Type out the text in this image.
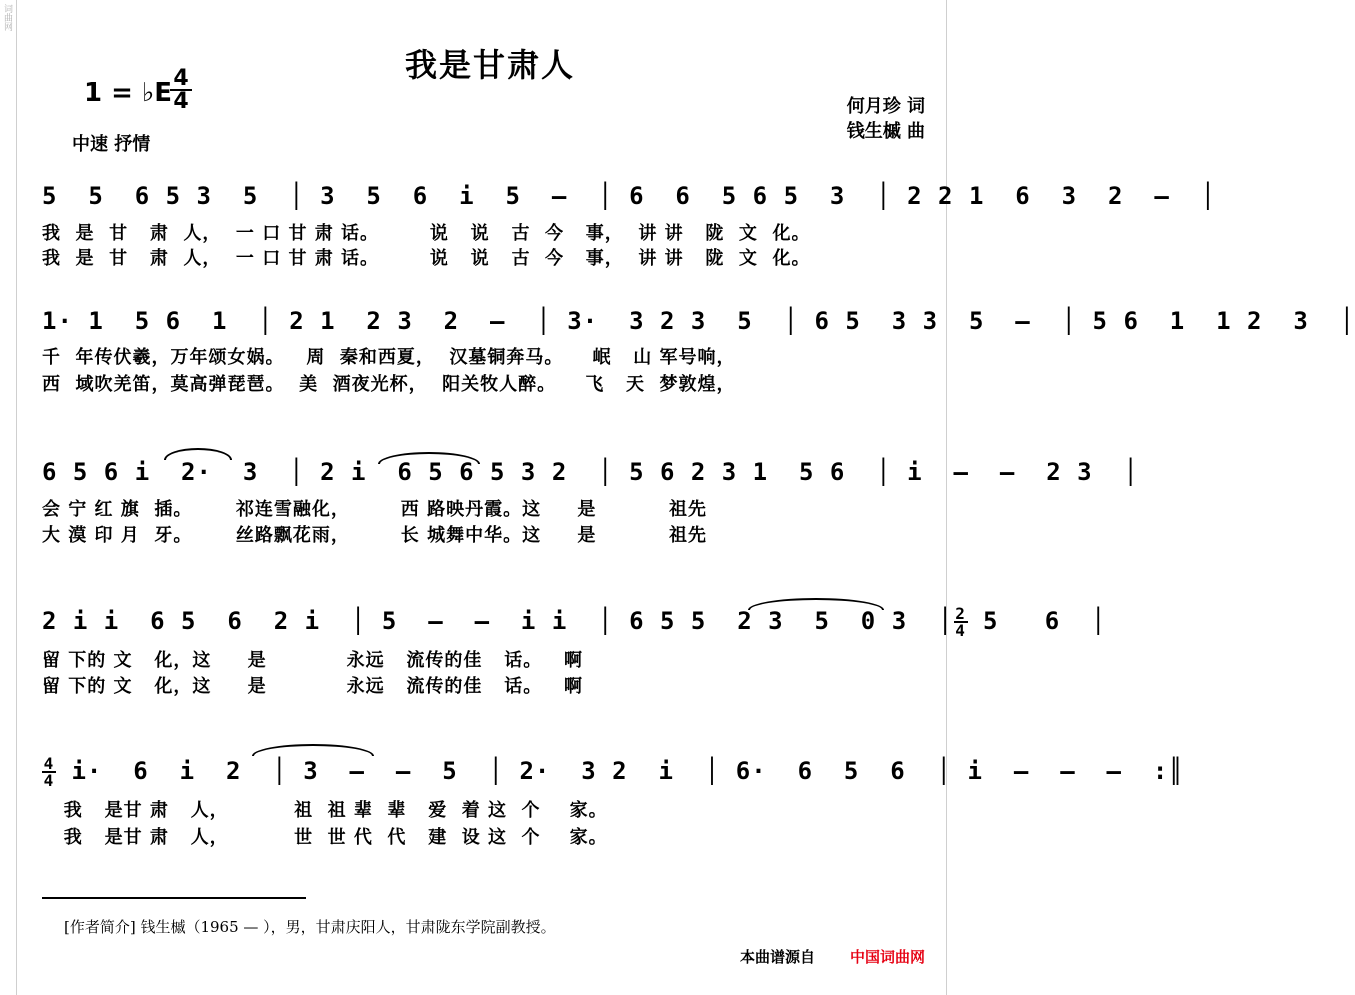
词曲网
我是甘肃人
1 = ♭E 4
4
中速 抒情
何月珍 词
钱生槭 曲
5  5  6 5 3  5  │ 3  5  6  i  5  –  │ 6  6  5 6 5  3  │ 2 2 1  6  3  2  –  │
我  是  甘   肃  人，  一 口 甘 肃 话。       说   说   古  今   事，  讲 讲   陇  文  化。
我  是  甘   肃  人，  一 口 甘 肃 话。       说   说   古  今   事，  讲 讲   陇  文  化。
1· 1  5 6  1  │ 2 1  2 3  2  –  │ 3·  3 2 3  5  │ 6 5  3 3  5  –  │ 5 6  1  1 2  3  │
千  年传伏羲，万年颂女娲。   周  秦和西夏，  汉墓铜奔马。    岷   山 军号响，
西  域吹羌笛，莫高弹琵琶。  美  酒夜光杯，  阳关牧人醉。    飞   天  梦敦煌，
6 5 6 i  2·  3  │ 2 i  6 5 6 5 3 2  │ 5 6 2 3 1  5 6  │ i  –  –  2 3  │
会 宁 红 旗  插。      祁连雪融化，       西 路映丹霞。这     是          祖先
大 漠 印 月  牙。      丝路飘花雨，       长 城舞中华。这     是          祖先
2 i i  6 5  6  2 i  │ 5  –  –  i i  │ 6 5 5  2 3  5  0 3  │ $\frac{2}{4} 5$   6  │
留 下的 文   化，这     是           永远   流传的佳   话。   啊
留 下的 文   化，这     是           永远   流传的佳   话。   啊
$\frac{4}{4} i\cdot 6$  i  2  │ 3  –  –  5  │ 2·  3 2  i  │ 6·  6  5  6  │ i  –  –  –  :║
我   是甘 肃   人，         祖  祖 辈  辈   爱  着 这  个    家。
我   是甘 肃   人，         世  世 代  代   建  设 这  个    家。
[作者简介] 钱生槭（1965 — ），男，甘肃庆阳人，甘肃陇东学院副教授。
本曲谱源自 中国词曲网
